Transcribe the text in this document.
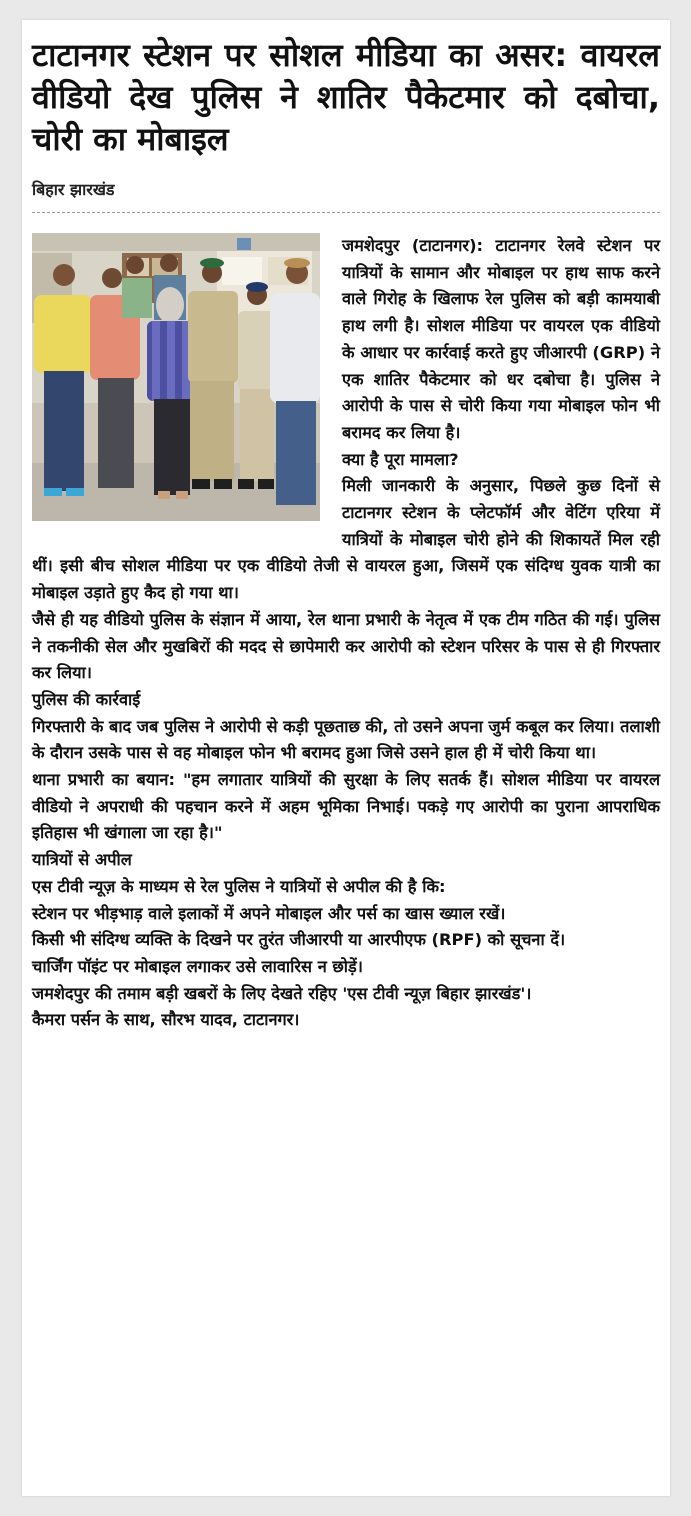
टाटानगर स्टेशन पर सोशल मीडिया का असर: वायरल वीडियो देख पुलिस ने शातिर पैकेटमार को दबोचा, चोरी का मोबाइल
बिहार झारखंड

जमशेदपुर (टाटानगर): टाटानगर रेलवे स्टेशन पर यात्रियों के सामान और मोबाइल पर हाथ साफ करने वाले गिरोह के खिलाफ रेल पुलिस को बड़ी कामयाबी हाथ लगी है। सोशल मीडिया पर वायरल एक वीडियो के आधार पर कार्रवाई करते हुए जीआरपी (GRP) ने एक शातिर पैकेटमार को धर दबोचा है। पुलिस ने आरोपी के पास से चोरी किया गया मोबाइल फोन भी बरामद कर लिया है।

क्या है पूरा मामला?

मिली जानकारी के अनुसार, पिछले कुछ दिनों से टाटानगर स्टेशन के प्लेटफॉर्म और वेटिंग एरिया में यात्रियों के मोबाइल चोरी होने की शिकायतें मिल रही थीं। इसी बीच सोशल मीडिया पर एक वीडियो तेजी से वायरल हुआ, जिसमें एक संदिग्ध युवक यात्री का मोबाइल उड़ाते हुए कैद हो गया था।

जैसे ही यह वीडियो पुलिस के संज्ञान में आया, रेल थाना प्रभारी के नेतृत्व में एक टीम गठित की गई। पुलिस ने तकनीकी सेल और मुखबिरों की मदद से छापेमारी कर आरोपी को स्टेशन परिसर के पास से ही गिरफ्तार कर लिया।

पुलिस की कार्रवाई

गिरफ्तारी के बाद जब पुलिस ने आरोपी से कड़ी पूछताछ की, तो उसने अपना जुर्म कबूल कर लिया। तलाशी के दौरान उसके पास से वह मोबाइल फोन भी बरामद हुआ जिसे उसने हाल ही में चोरी किया था।

थाना प्रभारी का बयान: "हम लगातार यात्रियों की सुरक्षा के लिए सतर्क हैं। सोशल मीडिया पर वायरल वीडियो ने अपराधी की पहचान करने में अहम भूमिका निभाई। पकड़े गए आरोपी का पुराना आपराधिक इतिहास भी खंगाला जा रहा है।"

यात्रियों से अपील

एस टीवी न्यूज़ के माध्यम से रेल पुलिस ने यात्रियों से अपील की है कि:

स्टेशन पर भीड़भाड़ वाले इलाकों में अपने मोबाइल और पर्स का खास ख्याल रखें।

किसी भी संदिग्ध व्यक्ति के दिखने पर तुरंत जीआरपी या आरपीएफ (RPF) को सूचना दें।

चार्जिंग पॉइंट पर मोबाइल लगाकर उसे लावारिस न छोड़ें।

जमशेदपुर की तमाम बड़ी खबरों के लिए देखते रहिए 'एस टीवी न्यूज़ बिहार झारखंड'।

कैमरा पर्सन के साथ, सौरभ यादव, टाटानगर।
